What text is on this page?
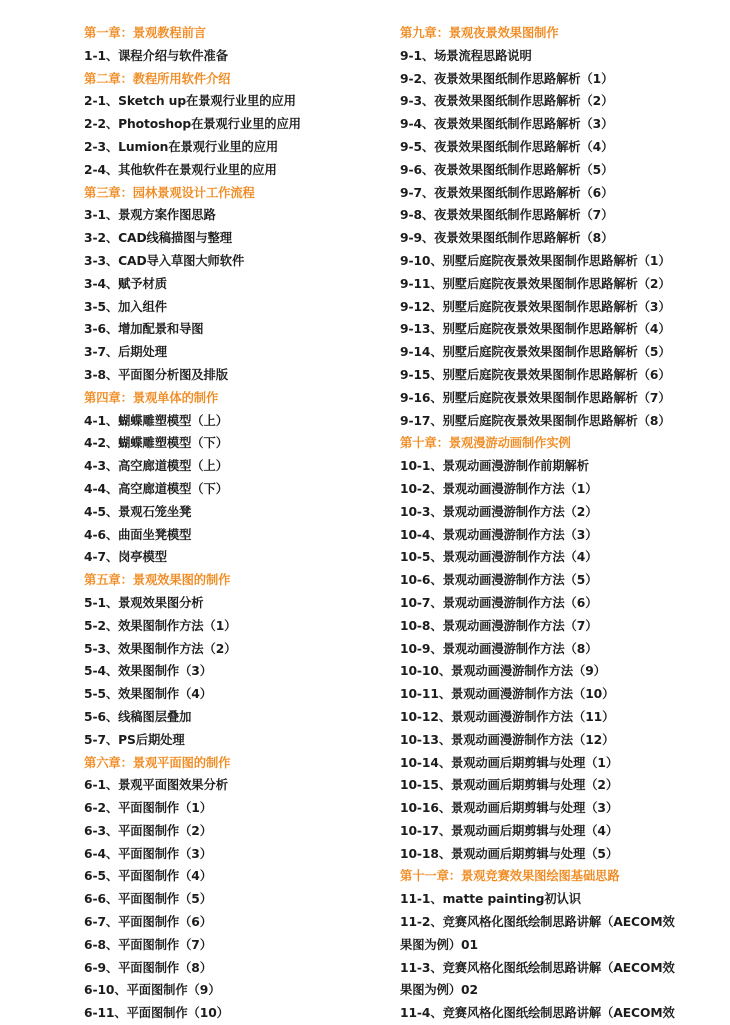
第一章：景观教程前言
1-1、课程介绍与软件准备
第二章：教程所用软件介绍
2-1、Sketch up在景观行业里的应用
2-2、Photoshop在景观行业里的应用
2-3、Lumion在景观行业里的应用
2-4、其他软件在景观行业里的应用
第三章：园林景观设计工作流程
3-1、景观方案作图思路
3-2、CAD线稿描图与整理
3-3、CAD导入草图大师软件
3-4、赋予材质
3-5、加入组件
3-6、增加配景和导图
3-7、后期处理
3-8、平面图分析图及排版
第四章：景观单体的制作
4-1、蝴蝶雕塑模型（上）
4-2、蝴蝶雕塑模型（下）
4-3、高空廊道模型（上）
4-4、高空廊道模型（下）
4-5、景观石笼坐凳
4-6、曲面坐凳模型
4-7、岗亭模型
第五章：景观效果图的制作
5-1、景观效果图分析
5-2、效果图制作方法（1）
5-3、效果图制作方法（2）
5-4、效果图制作（3）
5-5、效果图制作（4）
5-6、线稿图层叠加
5-7、PS后期处理
第六章：景观平面图的制作
6-1、景观平面图效果分析
6-2、平面图制作（1）
6-3、平面图制作（2）
6-4、平面图制作（3）
6-5、平面图制作（4）
6-6、平面图制作（5）
6-7、平面图制作（6）
6-8、平面图制作（7）
6-9、平面图制作（8）
6-10、平面图制作（9）
6-11、平面图制作（10）
第九章：景观夜景效果图制作
9-1、场景流程思路说明
9-2、夜景效果图纸制作思路解析（1）
9-3、夜景效果图纸制作思路解析（2）
9-4、夜景效果图纸制作思路解析（3）
9-5、夜景效果图纸制作思路解析（4）
9-6、夜景效果图纸制作思路解析（5）
9-7、夜景效果图纸制作思路解析（6）
9-8、夜景效果图纸制作思路解析（7）
9-9、夜景效果图纸制作思路解析（8）
9-10、别墅后庭院夜景效果图制作思路解析（1）
9-11、别墅后庭院夜景效果图制作思路解析（2）
9-12、别墅后庭院夜景效果图制作思路解析（3）
9-13、别墅后庭院夜景效果图制作思路解析（4）
9-14、别墅后庭院夜景效果图制作思路解析（5）
9-15、别墅后庭院夜景效果图制作思路解析（6）
9-16、别墅后庭院夜景效果图制作思路解析（7）
9-17、别墅后庭院夜景效果图制作思路解析（8）
第十章：景观漫游动画制作实例
10-1、景观动画漫游制作前期解析
10-2、景观动画漫游制作方法（1）
10-3、景观动画漫游制作方法（2）
10-4、景观动画漫游制作方法（3）
10-5、景观动画漫游制作方法（4）
10-6、景观动画漫游制作方法（5）
10-7、景观动画漫游制作方法（6）
10-8、景观动画漫游制作方法（7）
10-9、景观动画漫游制作方法（8）
10-10、景观动画漫游制作方法（9）
10-11、景观动画漫游制作方法（10）
10-12、景观动画漫游制作方法（11）
10-13、景观动画漫游制作方法（12）
10-14、景观动画后期剪辑与处理（1）
10-15、景观动画后期剪辑与处理（2）
10-16、景观动画后期剪辑与处理（3）
10-17、景观动画后期剪辑与处理（4）
10-18、景观动画后期剪辑与处理（5）
第十一章：景观竞赛效果图绘图基础思路
11-1、matte painting初认识
11-2、竞赛风格化图纸绘制思路讲解（AECOM效
果图为例）01
11-3、竞赛风格化图纸绘制思路讲解（AECOM效
果图为例）02
11-4、竞赛风格化图纸绘制思路讲解（AECOM效
